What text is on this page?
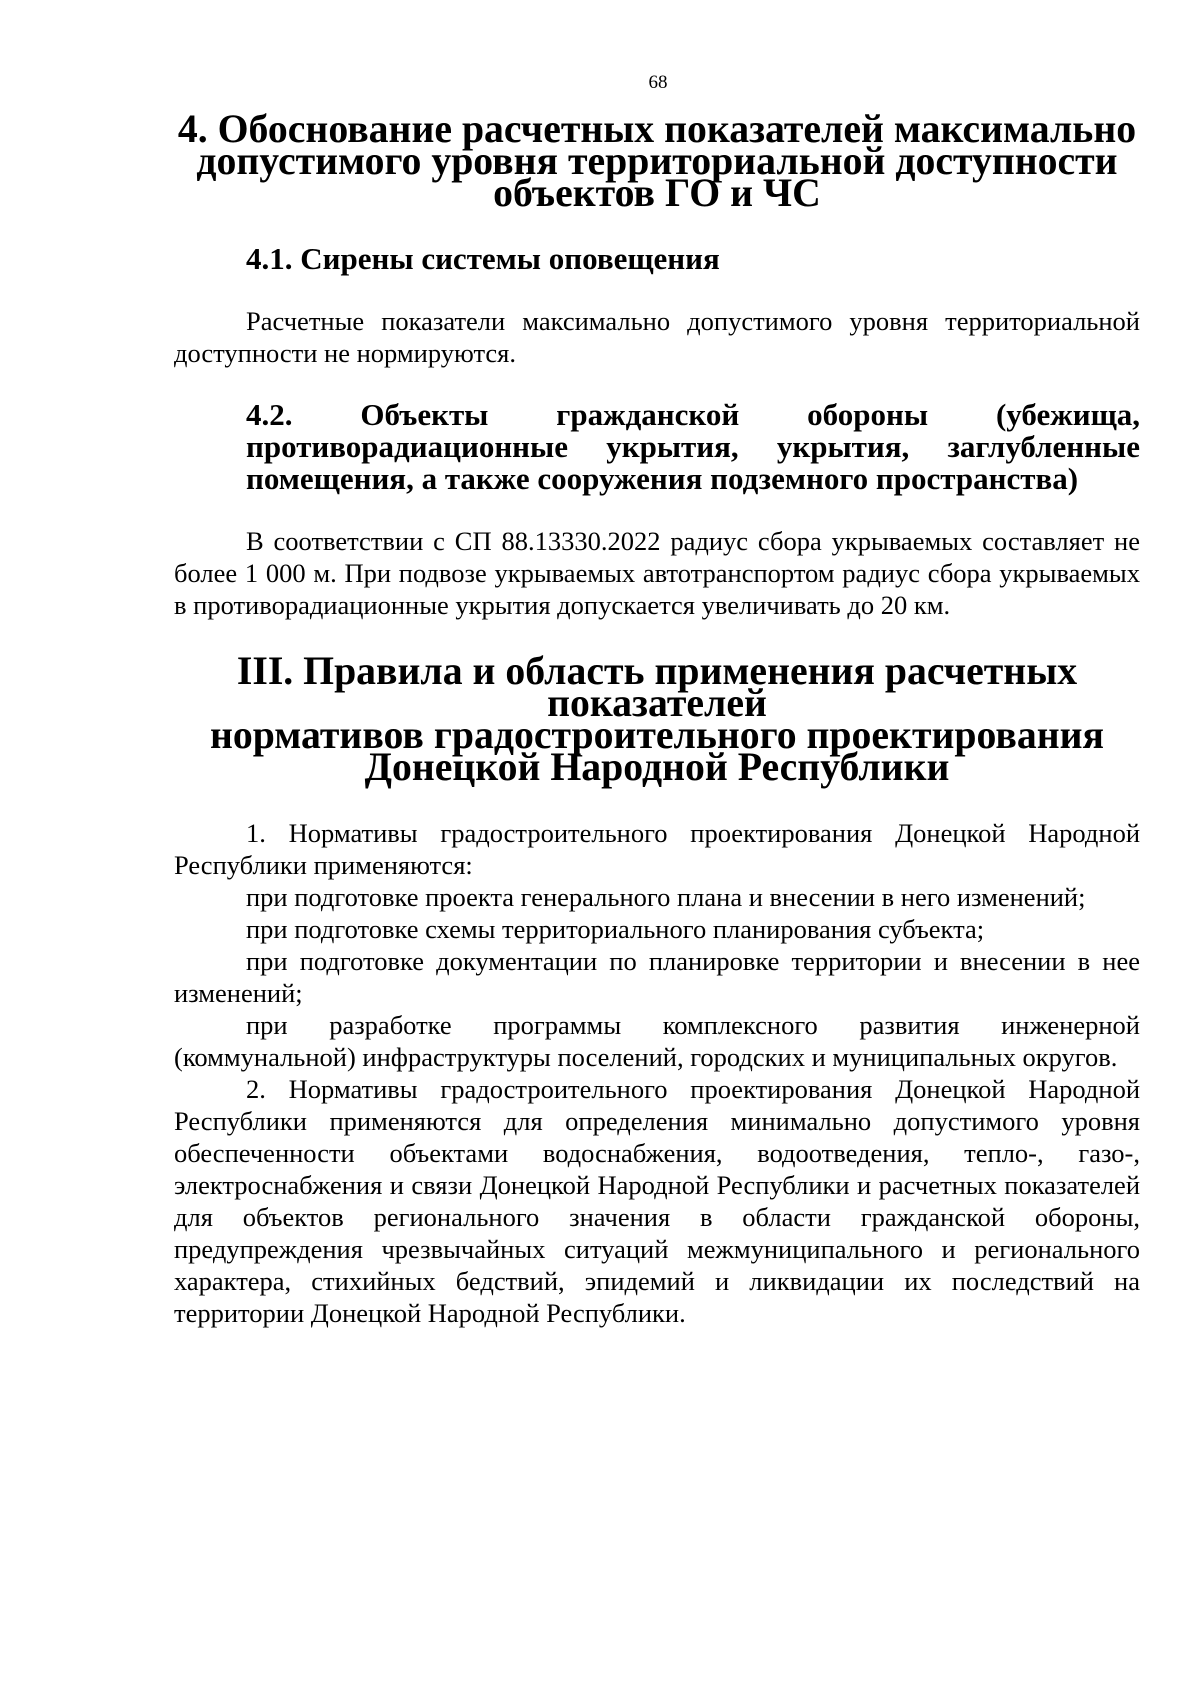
68
4. Обоснование расчетных показателей максимально
допустимого уровня территориальной доступности
объектов ГО и ЧС
4.1. Сирены системы оповещения

Расчетные показатели максимально допустимого уровня территориальной доступности не нормируются.

4.2. Объекты гражданской обороны (убежища, противорадиационные укрытия, укрытия, заглубленные помещения, а также сооружения подземного пространства)

В соответствии с СП 88.13330.2022 радиус сбора укрываемых составляет не более 1 000 м. При подвозе укрываемых автотранспортом радиус сбора укрываемых в противорадиационные укрытия допускается увеличивать до 20 км.

III. Правила и область применения расчетных показателей
нормативов градостроительного проектирования
Донецкой Народной Республики

1. Нормативы градостроительного проектирования Донецкой Народной Республики применяются:

при подготовке проекта генерального плана и внесении в него изменений;

при подготовке схемы территориального планирования субъекта;

при подготовке документации по планировке территории и внесении в нее изменений;

при разработке программы комплексного развития инженерной (коммунальной) инфраструктуры поселений, городских и муниципальных округов.

2. Нормативы градостроительного проектирования Донецкой Народной Республики применяются для определения минимально допустимого уровня обеспеченности объектами водоснабжения, водоотведения, тепло-, газо-, электроснабжения и связи Донецкой Народной Республики и расчетных показателей для объектов регионального значения в области гражданской обороны, предупреждения чрезвычайных ситуаций межмуниципального и регионального характера, стихийных бедствий, эпидемий и ликвидации их последствий на территории Донецкой Народной Республики.
